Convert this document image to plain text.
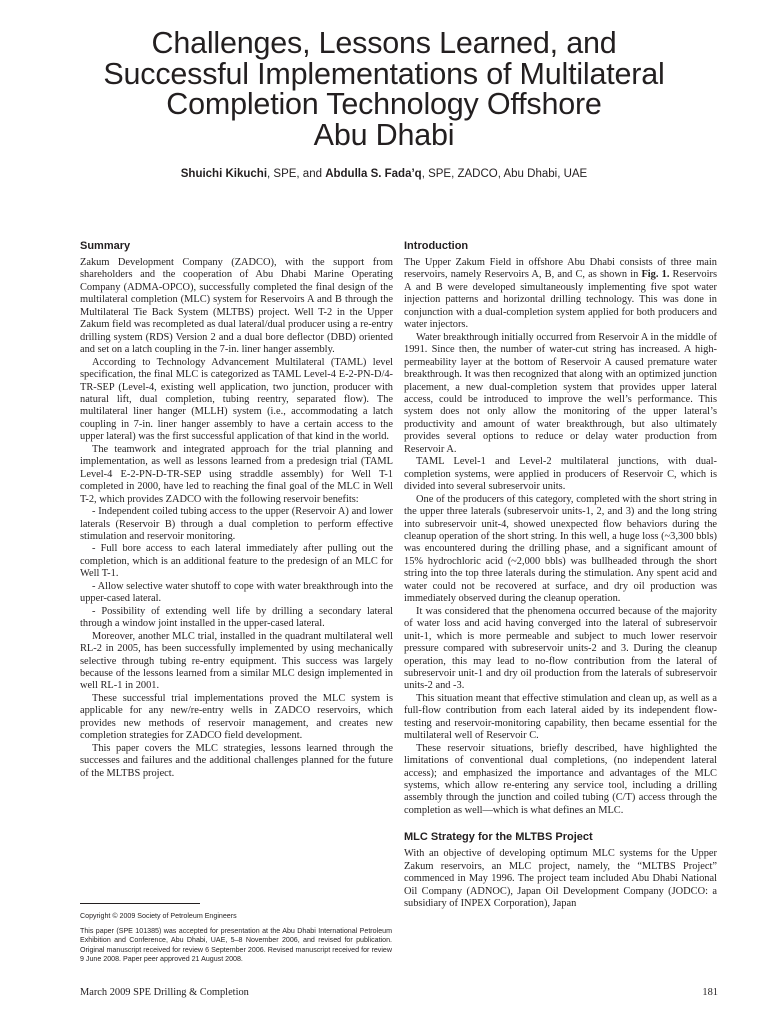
Challenges, Lessons Learned, and
Successful Implementations of Multilateral
Completion Technology Offshore
Abu Dhabi
Shuichi Kikuchi, SPE, and Abdulla S. Fada’q, SPE, ZADCO, Abu Dhabi, UAE
Summary

Zakum Development Company (ZADCO), with the support from shareholders and the cooperation of Abu Dhabi Marine Operating Company (ADMA-OPCO), successfully completed the final design of the multilateral completion (MLC) system for Reservoirs A and B through the Multilateral Tie Back System (MLTBS) project. Well T-2 in the Upper Zakum field was recompleted as dual lateral/dual producer using a re-entry drilling system (RDS) Version 2 and a dual bore deflector (DBD) oriented and set on a latch coupling in the 7-in. liner hanger assembly.

According to Technology Advancement Multilateral (TAML) level specification, the final MLC is categorized as TAML Level-4 E-2-PN-D/4-TR-SEP (Level-4, existing well application, two junction, producer with natural lift, dual completion, tubing reentry, separated flow). The multilateral liner hanger (MLLH) system (i.e., accommodating a latch coupling in 7-in. liner hanger assembly to have a certain access to the upper lateral) was the first successful application of that kind in the world.

The teamwork and integrated approach for the trial planning and implementation, as well as lessons learned from a predesign trial (TAML Level-4 E-2-PN-D-TR-SEP using straddle assembly) for Well T-1 completed in 2000, have led to reaching the final goal of the MLC in Well T-2, which provides ZADCO with the following reservoir benefits:

- Independent coiled tubing access to the upper (Reservoir A) and lower laterals (Reservoir B) through a dual completion to perform effective stimulation and reservoir monitoring.

- Full bore access to each lateral immediately after pulling out the completion, which is an additional feature to the predesign of an MLC for Well T-1.

- Allow selective water shutoff to cope with water breakthrough into the upper-cased lateral.

- Possibility of extending well life by drilling a secondary lateral through a window joint installed in the upper-cased lateral.

Moreover, another MLC trial, installed in the quadrant multilateral well RL-2 in 2005, has been successfully implemented by using mechanically selective through tubing re-entry equipment. This success was largely because of the lessons learned from a similar MLC design implemented in well RL-1 in 2001.

These successful trial implementations proved the MLC system is applicable for any new/re-entry wells in ZADCO reservoirs, which provides new methods of reservoir management, and creates new completion strategies for ZADCO field development.

This paper covers the MLC strategies, lessons learned through the successes and failures and the additional challenges planned for the future of the MLTBS project.

Copyright © 2009 Society of Petroleum Engineers

This paper (SPE 101385) was accepted for presentation at the Abu Dhabi International Petroleum Exhibition and Conference, Abu Dhabi, UAE, 5–8 November 2006, and revised for publication. Original manuscript received for review 6 September 2006. Revised manuscript received for review 9 June 2008. Paper peer approved 21 August 2008.

Introduction

The Upper Zakum Field in offshore Abu Dhabi consists of three main reservoirs, namely Reservoirs A, B, and C, as shown in Fig. 1. Reservoirs A and B were developed simultaneously implementing five spot water injection patterns and horizontal drilling technology. This was done in conjunction with a dual-completion system applied for both producers and water injectors.

Water breakthrough initially occurred from Reservoir A in the middle of 1991. Since then, the number of water-cut string has increased. A high-permeability layer at the bottom of Reservoir A caused premature water breakthrough. It was then recognized that along with an optimized junction placement, a new dual-completion system that provides upper lateral access, could be introduced to improve the well’s performance. This system does not only allow the monitoring of the upper lateral’s productivity and amount of water breakthrough, but also ultimately provides several options to reduce or delay water production from Reservoir A.

TAML Level-1 and Level-2 multilateral junctions, with dual-completion systems, were applied in producers of Reservoir C, which is divided into several subreservoir units.

One of the producers of this category, completed with the short string in the upper three laterals (subreservoir units-1, 2, and 3) and the long string into subreservoir unit-4, showed unexpected flow behaviors during the cleanup operation of the short string. In this well, a huge loss (~3,300 bbls) was encountered during the drilling phase, and a significant amount of 15% hydrochloric acid (~2,000 bbls) was bullheaded through the short string into the top three laterals during the stimulation. Any spent acid and water could not be recovered at surface, and dry oil production was immediately observed during the cleanup operation.

It was considered that the phenomena occurred because of the majority of water loss and acid having converged into the lateral of subreservoir unit-1, which is more permeable and subject to much lower reservoir pressure compared with subreservoir units-2 and 3. During the cleanup operation, this may lead to no-flow contribution from the lateral of subreservoir unit-1 and dry oil production from the laterals of subreservoir units-2 and -3.

This situation meant that effective stimulation and clean up, as well as a full-flow contribution from each lateral aided by its independent flow-testing and reservoir-monitoring capability, then became essential for the multilateral well of Reservoir C.

These reservoir situations, briefly described, have highlighted the limitations of conventional dual completions, (no independent lateral access); and emphasized the importance and advantages of the MLC systems, which allow re-entering any service tool, including a drilling assembly through the junction and coiled tubing (C/T) access through the completion as well—which is what defines an MLC.

MLC Strategy for the MLTBS Project

With an objective of developing optimum MLC systems for the Upper Zakum reservoirs, an MLC project, namely, the “MLTBS Project” commenced in May 1996. The project team included Abu Dhabi National Oil Company (ADNOC), Japan Oil Development Company (JODCO: a subsidiary of INPEX Corporation), Japan

March 2009 SPE Drilling & Completion	181
